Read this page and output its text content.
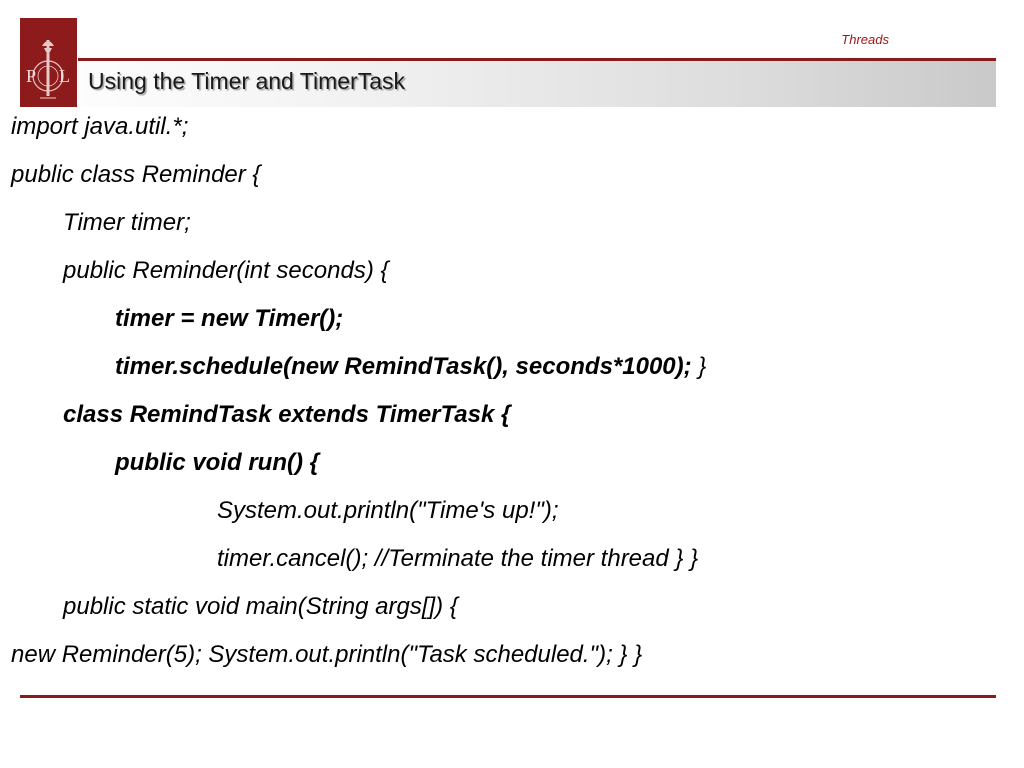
P L
Threads
Using the Timer and TimerTask
import java.util.*;
public class Reminder {
Timer timer;
public Reminder(int seconds) {
timer = new Timer();
timer.schedule(new RemindTask(), seconds*1000); }
class RemindTask extends TimerTask {
public void run() {
System.out.println("Time's up!");
timer.cancel(); //Terminate the timer thread } }
public static void main(String args[]) {
new Reminder(5); System.out.println("Task scheduled."); } }
